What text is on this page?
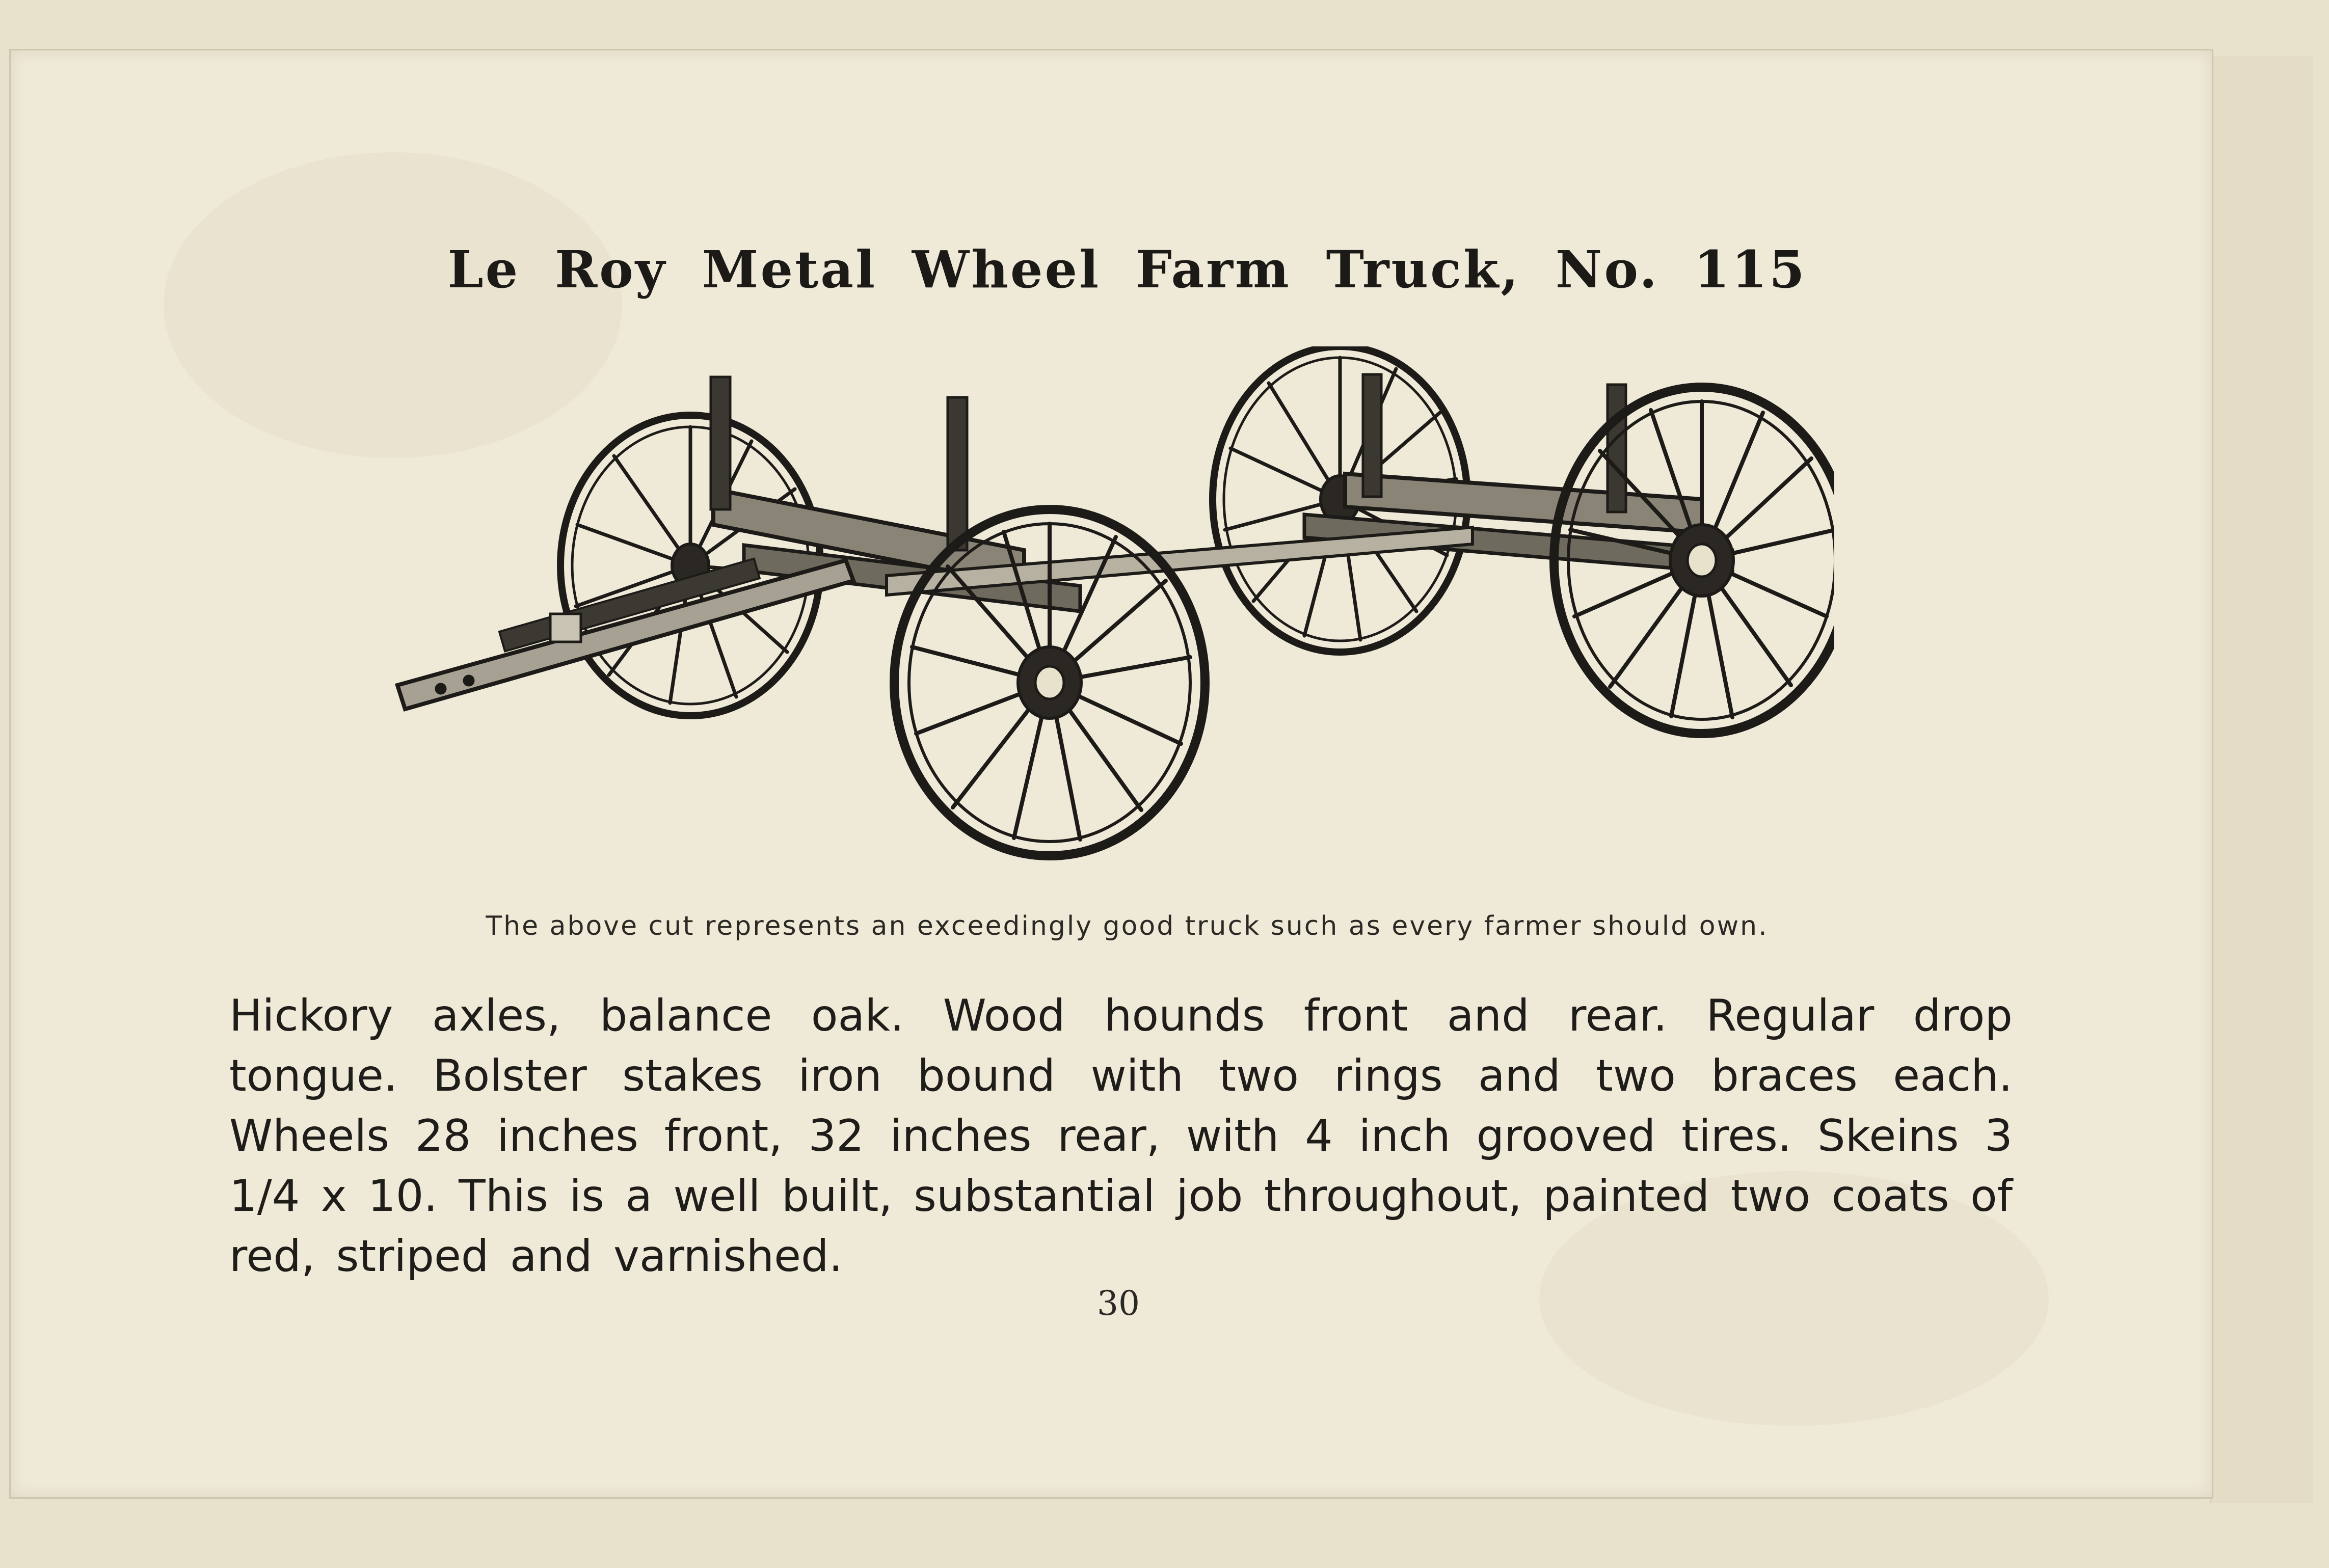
Le Roy Metal Wheel Farm Truck, No. 115
The above cut represents an exceedingly good truck such as every farmer should own.

Hickory axles, balance oak. Wood hounds front and rear. Regular drop tongue. Bolster stakes iron bound with two rings and two braces each. Wheels 28 inches front, 32 inches rear, with 4 inch grooved tires. Skeins 3 1/4 x 10. This is a well built, substantial job throughout, painted two coats of red, striped and varnished.

30
